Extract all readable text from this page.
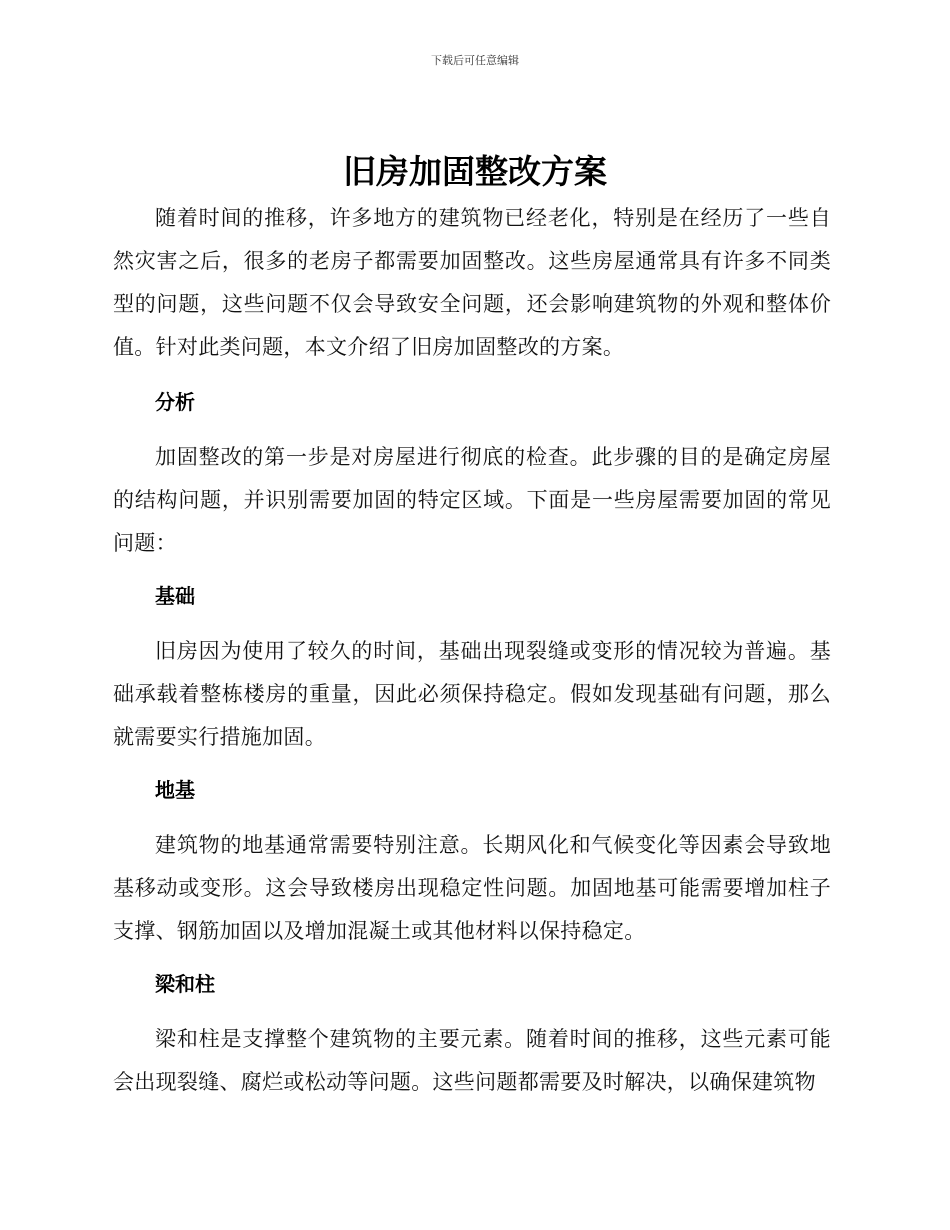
下载后可任意编辑
旧房加固整改方案

随着时间的推移，许多地方的建筑物已经老化，特别是在经历了一些自然灾害之后，很多的老房子都需要加固整改。这些房屋通常具有许多不同类型的问题，这些问题不仅会导致安全问题，还会影响建筑物的外观和整体价值。针对此类问题，本文介绍了旧房加固整改的方案。

分析

加固整改的第一步是对房屋进行彻底的检查。此步骤的目的是确定房屋的结构问题，并识别需要加固的特定区域。下面是一些房屋需要加固的常见问题：

基础

旧房因为使用了较久的时间，基础出现裂缝或变形的情况较为普遍。基础承载着整栋楼房的重量，因此必须保持稳定。假如发现基础有问题，那么就需要实行措施加固。

地基

建筑物的地基通常需要特别注意。长期风化和气候变化等因素会导致地基移动或变形。这会导致楼房出现稳定性问题。加固地基可能需要增加柱子支撑、钢筋加固以及增加混凝土或其他材料以保持稳定。

梁和柱

梁和柱是支撑整个建筑物的主要元素。随着时间的推移，这些元素可能会出现裂缝、腐烂或松动等问题。这些问题都需要及时解决，以确保建筑物
